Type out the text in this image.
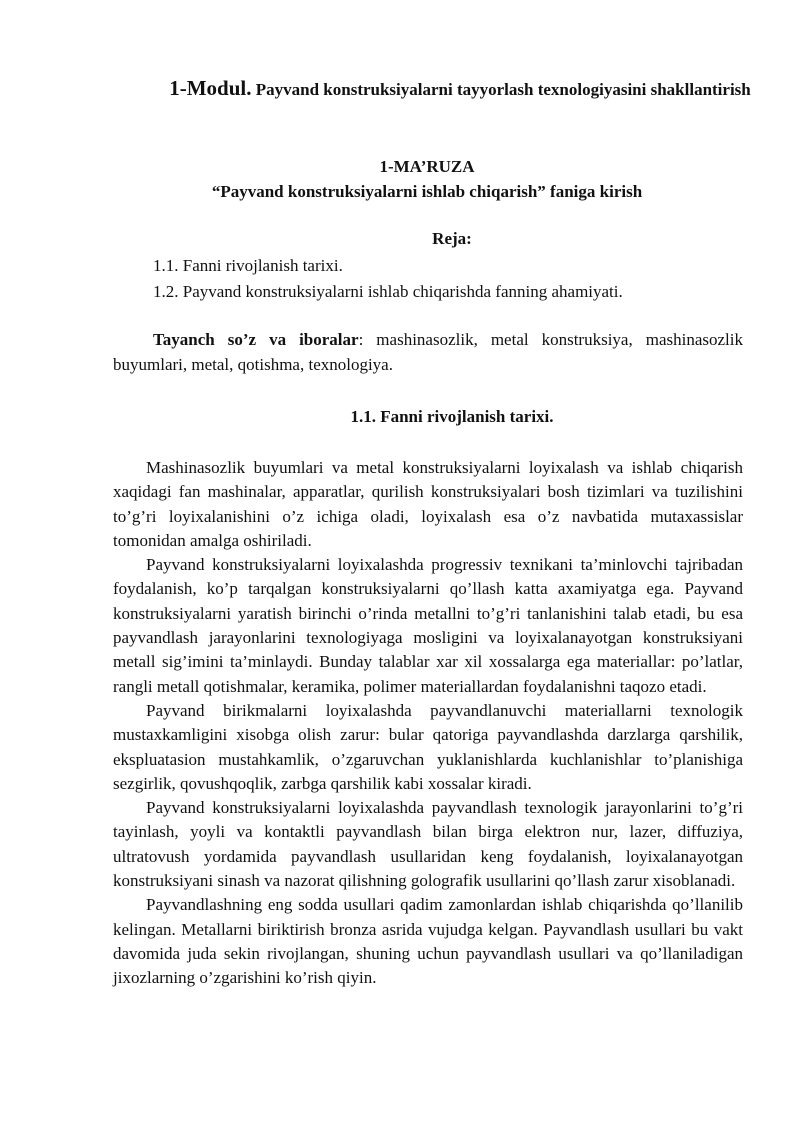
1-Modul. Payvand konstruksiyalarni tayyorlash texnologiyasini shakllantirish
1-MA’RUZA
“Payvand konstruksiyalarni ishlab chiqarish” faniga kirish
Reja:
1.1. Fanni rivojlanish tarixi.
1.2. Payvand konstruksiyalarni ishlab chiqarishda fanning ahamiyati.
Tayanch so’z va iboralar: mashinasozlik, metal konstruksiya, mashinasozlik buyumlari, metal, qotishma, texnologiya.
1.1. Fanni rivojlanish tarixi.

Mashinasozlik buyumlari va metal konstruksiyalarni loyixalash va ishlab chiqarish xaqidagi fan mashinalar, apparatlar, qurilish konstruksiyalari bosh tizimlari va tuzilishini to’g’ri loyixalanishini o’z ichiga oladi, loyixalash esa o’z navbatida mutaxassislar tomonidan amalga oshiriladi.

Payvand konstruksiyalarni loyixalashda progressiv texnikani ta’minlovchi tajribadan foydalanish, ko’p tarqalgan konstruksiyalarni qo’llash katta axamiyatga ega. Payvand konstruksiyalarni yaratish birinchi o’rinda metallni to’g’ri tanlanishini talab etadi, bu esa payvandlash jarayonlarini texnologiyaga mosligini va loyixalanayotgan konstruksiyani metall sig’imini ta’minlaydi. Bunday talablar xar xil xossalarga ega materiallar: po’latlar, rangli metall qotishmalar, keramika, polimer materiallardan foydalanishni taqozo etadi.

Payvand birikmalarni loyixalashda payvandlanuvchi materiallarni texnologik mustaxkamligini xisobga olish zarur: bular qatoriga payvandlashda darzlarga qarshilik, ekspluatasion mustahkamlik, o’zgaruvchan yuklanishlarda kuchlanishlar to’planishiga sezgirlik, qovushqoqlik, zarbga qarshilik kabi xossalar kiradi.

Payvand konstruksiyalarni loyixalashda payvandlash texnologik jarayonlarini to’g’ri tayinlash, yoyli va kontaktli payvandlash bilan birga elektron nur, lazer, diffuziya, ultratovush yordamida payvandlash usullaridan keng foydalanish, loyixalanayotgan konstruksiyani sinash va nazorat qilishning golografik usullarini qo’llash zarur xisoblanadi.

Payvandlashning eng sodda usullari qadim zamonlardan ishlab chiqarishda qo’llanilib kelingan. Metallarni biriktirish bronza asrida vujudga kelgan. Payvandlash usullari bu vakt davomida juda sekin rivojlangan, shuning uchun payvandlash usullari va qo’llaniladigan jixozlarning o’zgarishini ko’rish qiyin.
